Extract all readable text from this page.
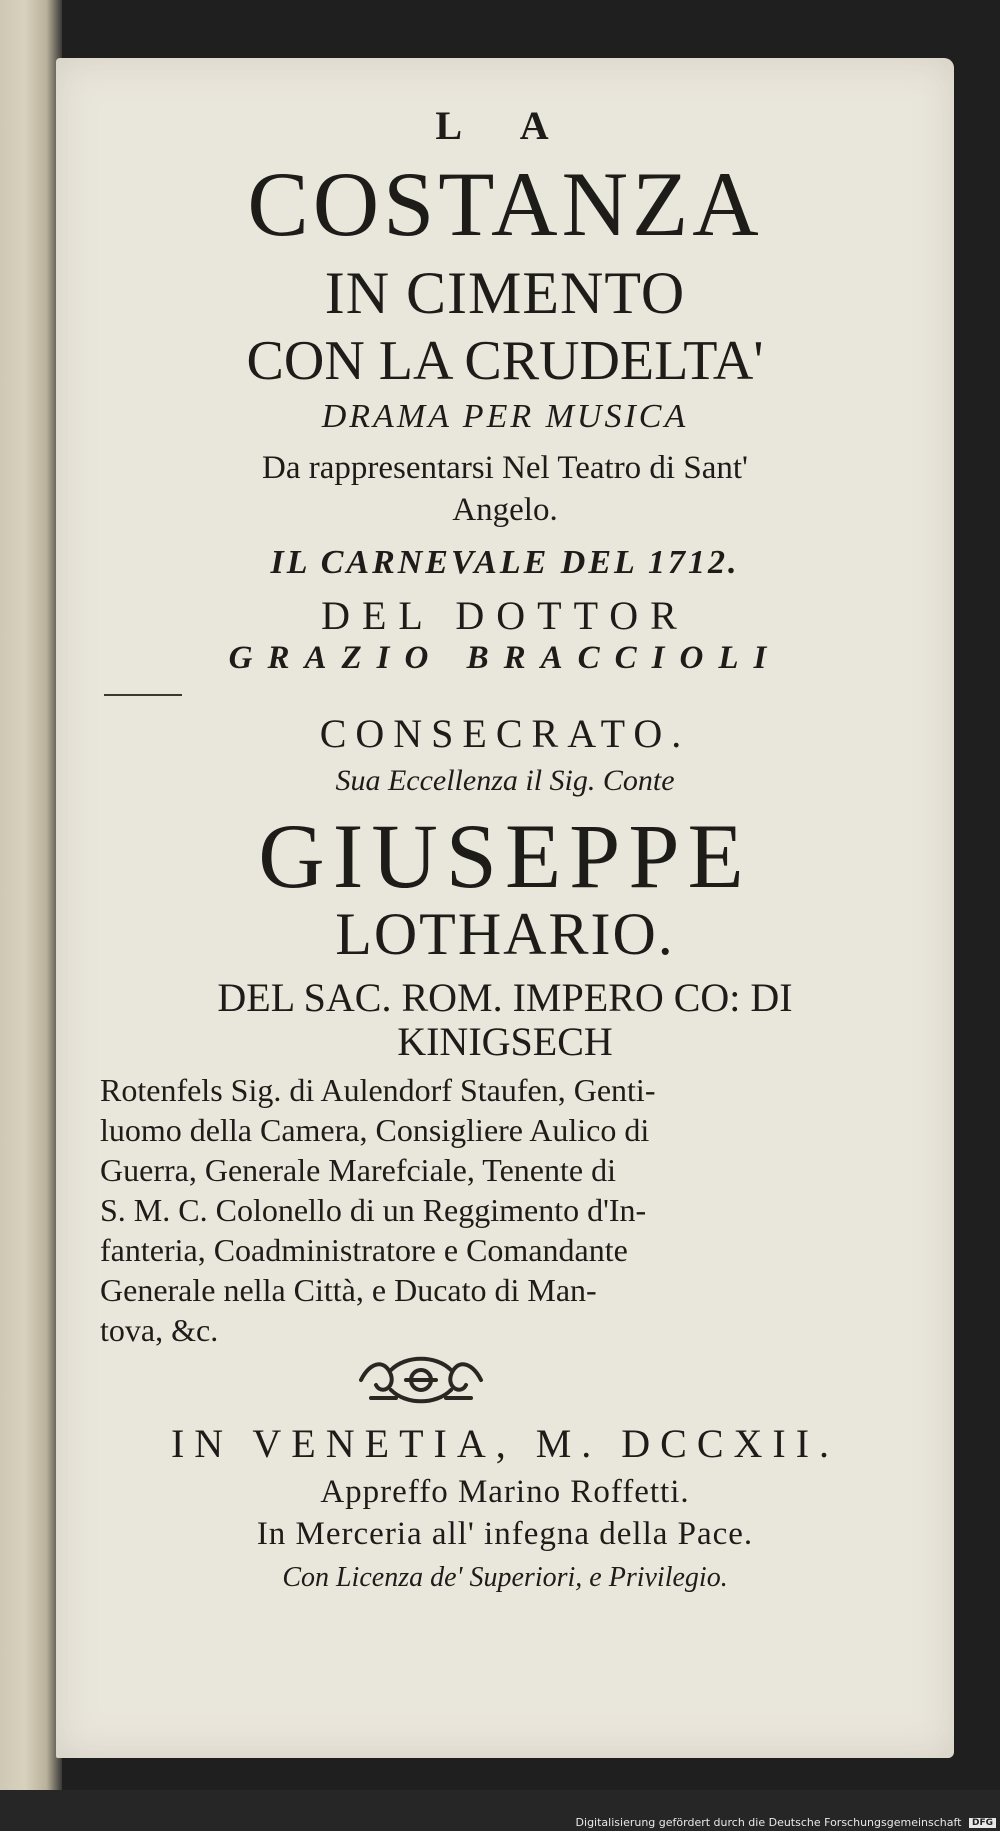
L A
COSTANZA
IN CIMENTO
CON LA CRUDELTA'
DRAMA PER MUSICA
Da rappresentarsi Nel Teatro di Sant'
Angelo.
IL CARNEVALE DEL 1712.
DEL DOTTOR
GRAZIO BRACCIOLI
CONSECRATO.
Sua Eccellenza il Sig. Conte
GIUSEPPE
LOTHARIO.
DEL SAC. ROM. IMPERO CO: DI
KINIGSECH
Rotenfels Sig. di Aulendorf Staufen, Genti-
luomo della Camera, Consigliere Aulico di
Guerra, Generale Marefciale, Tenente di
S. M. C. Colonello di un Reggimento d'In-
fanteria, Coadministratore e Comandante
Generale nella Città, e Ducato di Man-
tova, &c.
IN VENETIA, M. DCCXII.
Appreffo Marino Roffetti.
In Merceria all' infegna della Pace.
Con Licenza de' Superiori, e Privilegio.
Digitalisierung gefördert durch die Deutsche Forschungsgemeinschaft DFG
